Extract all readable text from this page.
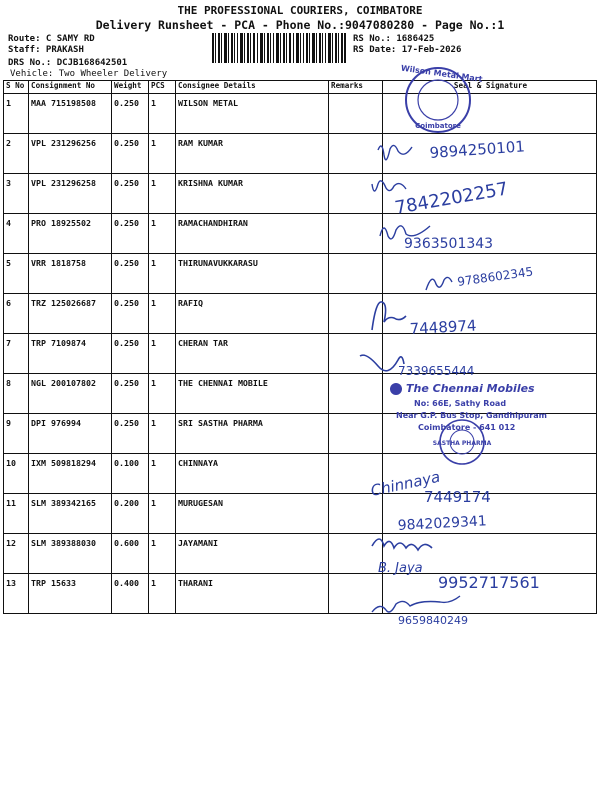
THE PROFESSIONAL COURIERS, COIMBATORE
Delivery Runsheet - PCA - Phone No.:9047080280 - Page No.:1
Route: C SAMY RD
Staff: PRAKASH
DRS No.: DCJB168642501
Vehicle: Two Wheeler Delivery
RS No.: 1686425
RS Date: 17-Feb-2026
S No	Consignment No	Weight	PCS	Consignee Details	Remarks	Seal & Signature
1	MAA 715198508	0.250	1	WILSON METAL		
2	VPL 231296256	0.250	1	RAM KUMAR		
3	VPL 231296258	0.250	1	KRISHNA KUMAR		
4	PRO 18925502	0.250	1	RAMACHANDHIRAN		
5	VRR 1818758	0.250	1	THIRUNAVUKKARASU		
6	TRZ 125026687	0.250	1	RAFIQ		
7	TRP 7109874	0.250	1	CHERAN TAR		
8	NGL 200107802	0.250	1	THE CHENNAI MOBILE		
9	DPI 976994	0.250	1	SRI SASTHA PHARMA		
10	IXM 509818294	0.100	1	CHINNAYA		
11	SLM 389342165	0.200	1	MURUGESAN		
12	SLM 389388030	0.600	1	JAYAMANI		
13	TRP 15633	0.400	1	THARANI		
Wilson Metal Mart
Coimbatore
9894250101
7842202257
9363501343
9788602345
7448974
7339655444
The Chennai Mobiles
No: 66E, Sathy Road
Near G.P. Bus Stop, Gandhipuram
Coimbatore - 641 012
SASTHA PHARMA
Chinnaya
7449174
9842029341
B. Jaya
9952717561
9659840249
